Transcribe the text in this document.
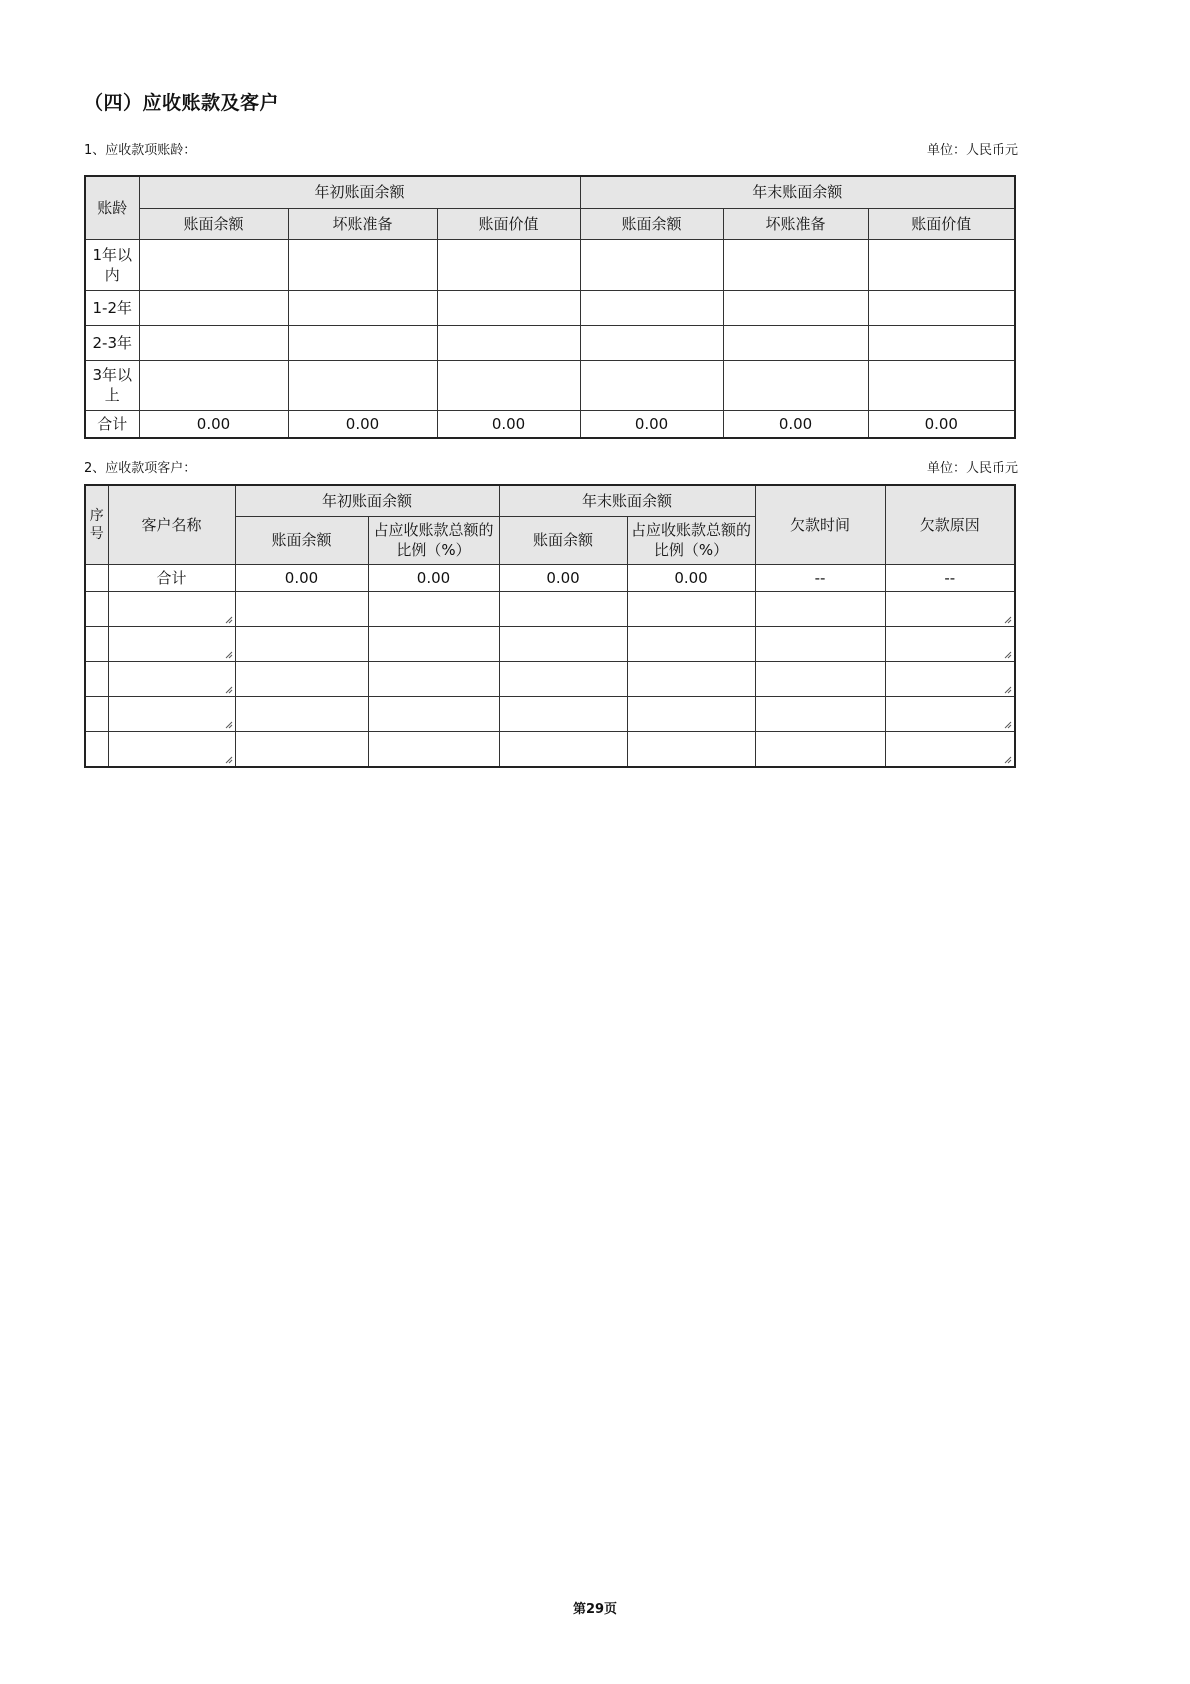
（四）应收账款及客户
1、应收款项账龄：	单位：人民币元
账龄	年初账面余额			年末账面余额		
	账面余额	坏账准备	账面价值	账面余额	坏账准备	账面价值
1年以内						
1-2年						
2-3年						
3年以上						
合计	0.00	0.00	0.00	0.00	0.00	0.00
2、应收款项客户：	单位：人民币元
序号	客户名称	年初账面余额		年末账面余额		欠款时间	欠款原因
		账面余额	占应收账款总额的比例（%）	账面余额	占应收账款总额的比例（%）		
	合计	0.00	0.00	0.00	0.00	--	--

第29页
